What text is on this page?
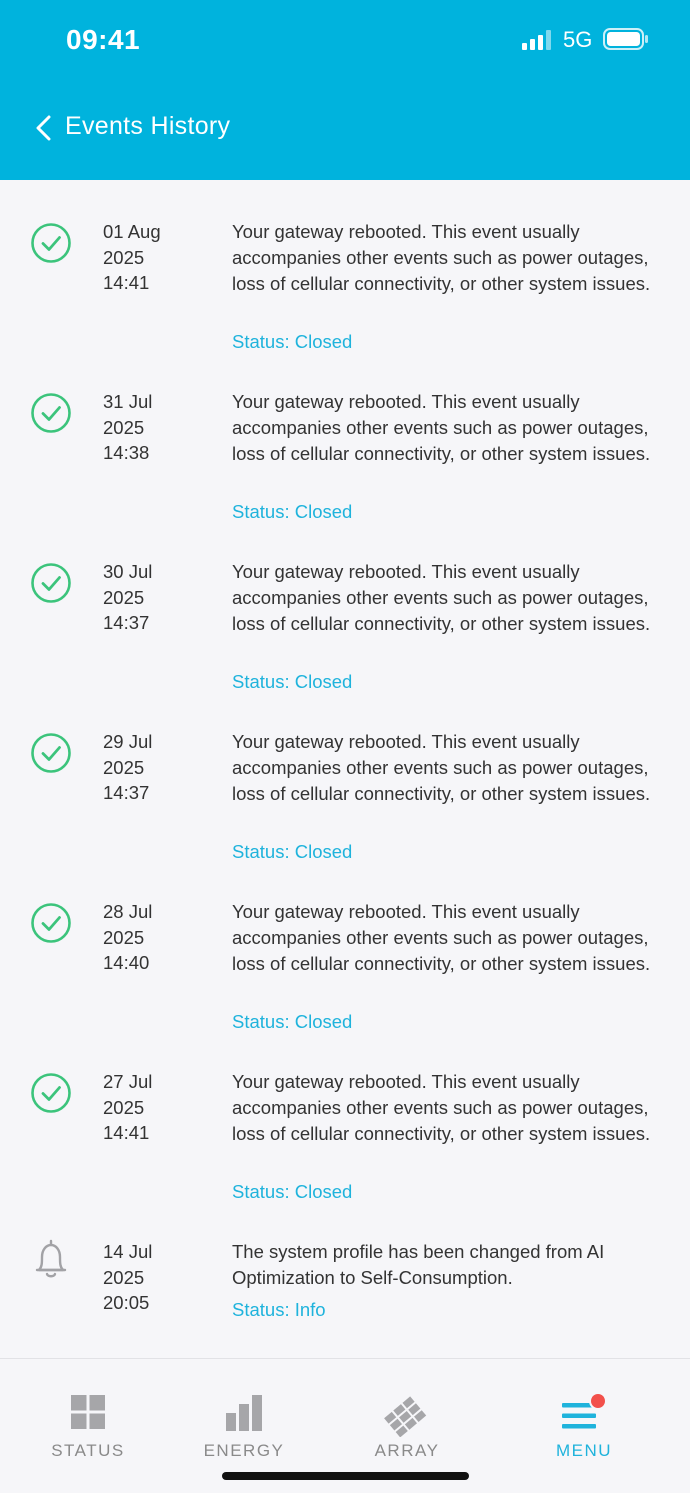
09:41	5G
Events History
01 Aug
2025
14:41
Your gateway rebooted. This event usually accompanies other events such as power outages, loss of cellular connectivity, or other system issues.
Status: Closed
31 Jul
2025
14:38
Your gateway rebooted. This event usually accompanies other events such as power outages, loss of cellular connectivity, or other system issues.
Status: Closed
30 Jul
2025
14:37
Your gateway rebooted. This event usually accompanies other events such as power outages, loss of cellular connectivity, or other system issues.
Status: Closed
29 Jul
2025
14:37
Your gateway rebooted. This event usually accompanies other events such as power outages, loss of cellular connectivity, or other system issues.
Status: Closed
28 Jul
2025
14:40
Your gateway rebooted. This event usually accompanies other events such as power outages, loss of cellular connectivity, or other system issues.
Status: Closed
27 Jul
2025
14:41
Your gateway rebooted. This event usually accompanies other events such as power outages, loss of cellular connectivity, or other system issues.
Status: Closed
14 Jul
2025
20:05
The system profile has been changed from AI Optimization to Self-Consumption.
Status: Info
STATUS	ENERGY	ARRAY	MENU
